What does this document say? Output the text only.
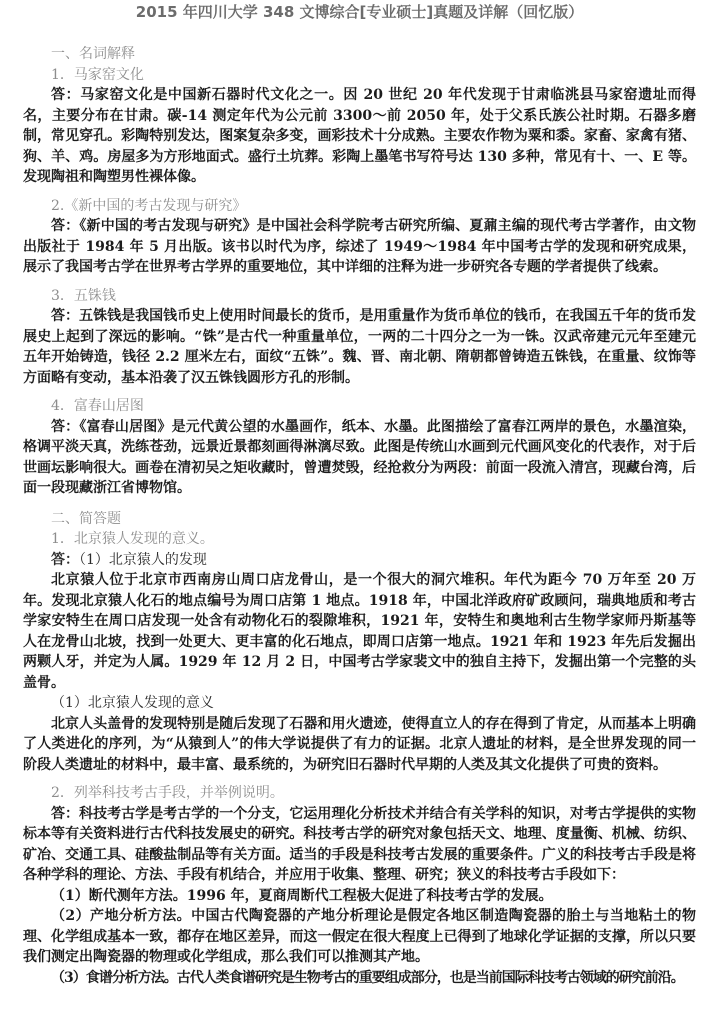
2015 年四川大学 348 文博综合[专业硕士]真题及详解（回忆版）

一、名词解释

1．马家窑文化

答：马家窑文化是中国新石器时代文化之一。因 20 世纪 20 年代发现于甘肃临洮县马家窑遗址而得名，主要分布在甘肃。碳-14 测定年代为公元前 3300～前 2050 年，处于父系氏族公社时期。石器多磨制，常见穿孔。彩陶特别发达，图案复杂多变，画彩技术十分成熟。主要农作物为粟和黍。家畜、家禽有猪、狗、羊、鸡。房屋多为方形地面式。盛行土坑葬。彩陶上墨笔书写符号达 130 多种，常见有十、一、E 等。发现陶祖和陶塑男性裸体像。

2.《新中国的考古发现与研究》

答：《新中国的考古发现与研究》是中国社会科学院考古研究所编、夏鼐主编的现代考古学著作，由文物出版社于 1984 年 5 月出版。该书以时代为序，综述了 1949～1984 年中国考古学的发现和研究成果，展示了我国考古学在世界考古学界的重要地位，其中详细的注释为进一步研究各专题的学者提供了线索。

3．五铢钱

答：五铢钱是我国钱币史上使用时间最长的货币，是用重量作为货币单位的钱币，在我国五千年的货币发展史上起到了深远的影响。“铢”是古代一种重量单位，一两的二十四分之一为一铢。汉武帝建元元年至建元五年开始铸造，钱径 2.2 厘米左右，面纹“五铢”。魏、晋、南北朝、隋朝都曾铸造五铢钱，在重量、纹饰等方面略有变动，基本沿袭了汉五铢钱圆形方孔的形制。

4．富春山居图

答：《富春山居图》是元代黄公望的水墨画作，纸本、水墨。此图描绘了富春江两岸的景色，水墨渲染，格调平淡天真，洗练苍劲，远景近景都刻画得淋漓尽致。此图是传统山水画到元代画风变化的代表作，对于后世画坛影响很大。画卷在清初吴之矩收藏时，曾遭焚毁，经抢救分为两段：前面一段流入清宫，现藏台湾，后面一段现藏浙江省博物馆。

二、简答题

1．北京猿人发现的意义。

答：（1）北京猿人的发现

北京猿人位于北京市西南房山周口店龙骨山，是一个很大的洞穴堆积。年代为距今 70 万年至 20 万年。发现北京猿人化石的地点编号为周口店第 1 地点。1918 年，中国北洋政府矿政顾问，瑞典地质和考古学家安特生在周口店发现一处含有动物化石的裂隙堆积，1921 年，安特生和奥地利古生物学家师丹斯基等人在龙骨山北坡，找到一处更大、更丰富的化石地点，即周口店第一地点。1921 年和 1923 年先后发掘出两颗人牙，并定为人属。1929 年 12 月 2 日，中国考古学家裴文中的独自主持下，发掘出第一个完整的头盖骨。

（1）北京猿人发现的意义

北京人头盖骨的发现特别是随后发现了石器和用火遗迹，使得直立人的存在得到了肯定，从而基本上明确了人类进化的序列，为“从猿到人”的伟大学说提供了有力的证据。北京人遗址的材料，是全世界发现的同一阶段人类遗址的材料中，最丰富、最系统的，为研究旧石器时代早期的人类及其文化提供了可贵的资料。

2．列举科技考古手段，并举例说明。

答：科技考古学是考古学的一个分支，它运用理化分析技术并结合有关学科的知识，对考古学提供的实物标本等有关资料进行古代科技发展史的研究。科技考古学的研究对象包括天文、地理、度量衡、机械、纺织、矿冶、交通工具、硅酸盐制品等有关方面。适当的手段是科技考古发展的重要条件。广义的科技考古手段是将各种学科的理论、方法、手段有机结合，并应用于收集、整理、研究；狭义的科技考古手段如下：

（1）断代测年方法。1996 年，夏商周断代工程极大促进了科技考古学的发展。

（2）产地分析方法。中国古代陶瓷器的产地分析理论是假定各地区制造陶瓷器的胎土与当地粘土的物理、化学组成基本一致，都存在地区差异，而这一假定在很大程度上已得到了地球化学证据的支撑，所以只要我们测定出陶瓷器的物理或化学组成，那么我们可以推测其产地。

（3）食谱分析方法。古代人类食谱研究是生物考古的重要组成部分，也是当前国际科技考古领域的研究前沿。
